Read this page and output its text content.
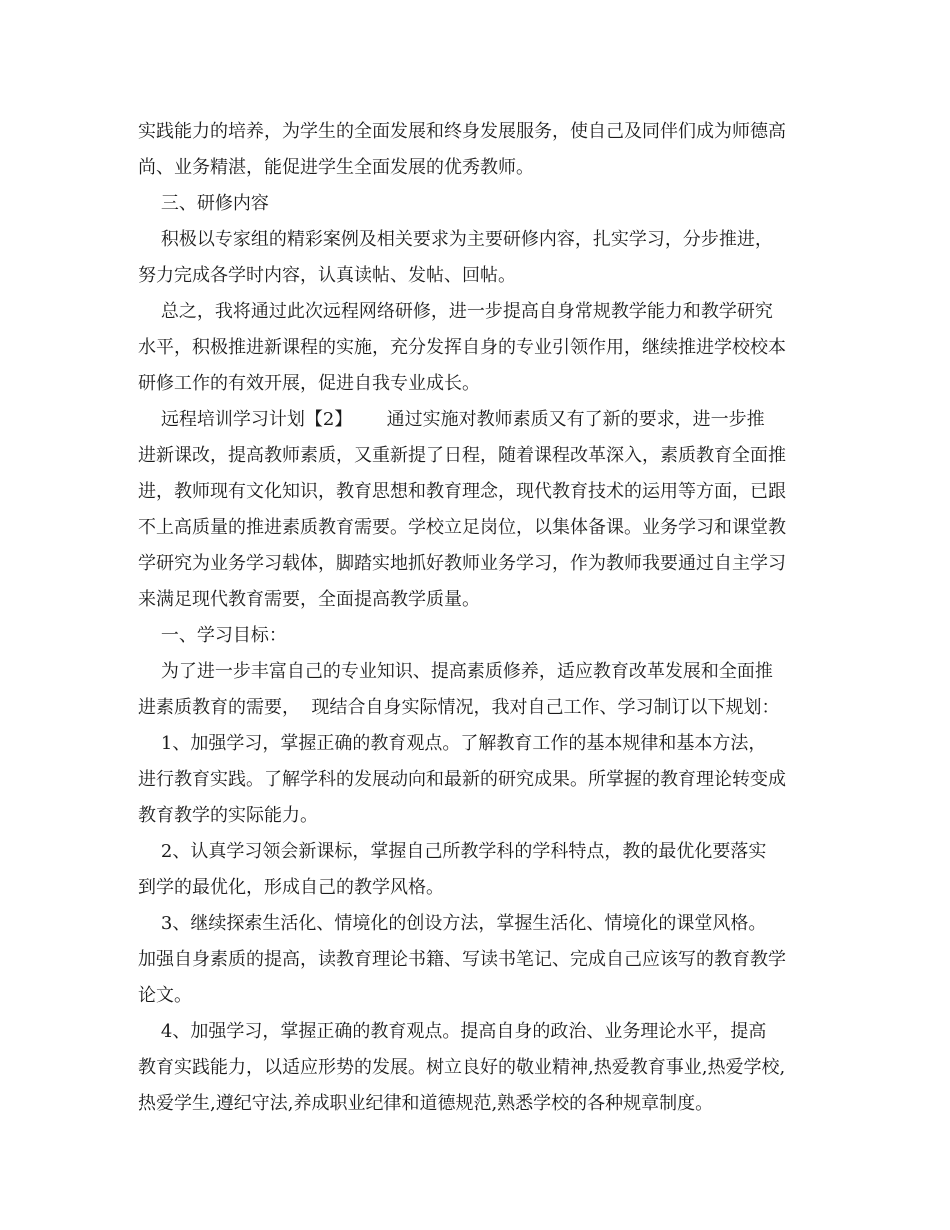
实践能力的培养，为学生的全面发展和终身发展服务，使自己及同伴们成为师德高
尚、业务精湛，能促进学生全面发展的优秀教师。
三、研修内容
积极以专家组的精彩案例及相关要求为主要研修内容，扎实学习，分步推进，
努力完成各学时内容，认真读帖、发帖、回帖。
总之，我将通过此次远程网络研修，进一步提高自身常规教学能力和教学研究
水平，积极推进新课程的实施，充分发挥自身的专业引领作用，继续推进学校校本
研修工作的有效开展，促进自我专业成长。
远程培训学习计划【2】      通过实施对教师素质又有了新的要求，进一步推
进新课改，提高教师素质，又重新提了日程，随着课程改革深入，素质教育全面推
进，教师现有文化知识，教育思想和教育理念，现代教育技术的运用等方面，已跟
不上高质量的推进素质教育需要。学校立足岗位，以集体备课。业务学习和课堂教
学研究为业务学习载体，脚踏实地抓好教师业务学习，作为教师我要通过自主学习
来满足现代教育需要，全面提高教学质量。
一、学习目标：
为了进一步丰富自己的专业知识、提高素质修养，适应教育改革发展和全面推
进素质教育的需要，  现结合自身实际情况，我对自己工作、学习制订以下规划：
1、加强学习，掌握正确的教育观点。了解教育工作的基本规律和基本方法，
进行教育实践。了解学科的发展动向和最新的研究成果。所掌握的教育理论转变成
教育教学的实际能力。
2、认真学习领会新课标，掌握自己所教学科的学科特点，教的最优化要落实
到学的最优化，形成自己的教学风格。
3、继续探索生活化、情境化的创设方法，掌握生活化、情境化的课堂风格。
加强自身素质的提高，读教育理论书籍、写读书笔记、完成自己应该写的教育教学
论文。
4、加强学习，掌握正确的教育观点。提高自身的政治、业务理论水平，提高
教育实践能力，以适应形势的发展。树立良好的敬业精神,热爱教育事业,热爱学校,
热爱学生,遵纪守法,养成职业纪律和道德规范,熟悉学校的各种规章制度。
